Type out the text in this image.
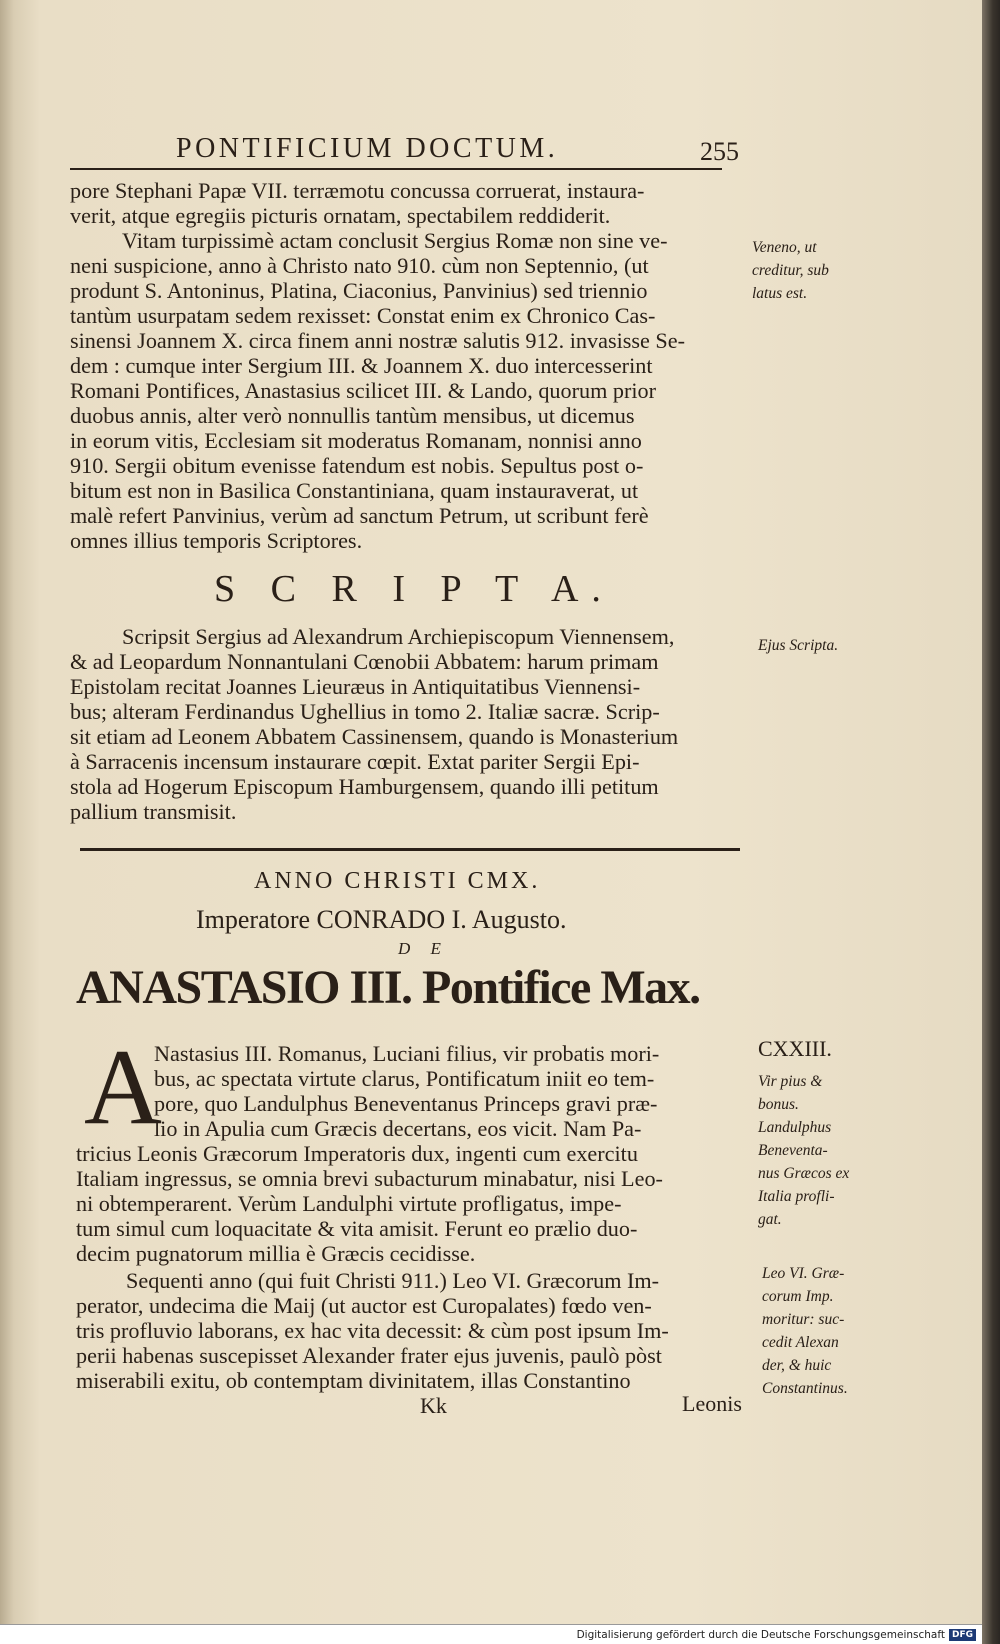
PONTIFICIUM DOCTUM.	255
pore Stephani Papæ VII. terræmotu concussa corruerat, instaura-
verit, atque egregiis picturis ornatam, spectabilem reddiderit.
Vitam turpissimè actam conclusit Sergius Romæ non sine ve-
neni suspicione, anno à Christo nato 910. cùm non Septennio, (ut
produnt S. Antoninus, Platina, Ciaconius, Panvinius) sed triennio
tantùm usurpatam sedem rexisset: Constat enim ex Chronico Cas-
sinensi Joannem X. circa finem anni nostræ salutis 912. invasisse Se-
dem : cumque inter Sergium III. & Joannem X. duo intercesserint
Romani Pontifices, Anastasius scilicet III. & Lando, quorum prior
duobus annis, alter verò nonnullis tantùm mensibus, ut dicemus
in eorum vitis, Ecclesiam sit moderatus Romanam, nonnisi anno
910. Sergii obitum evenisse fatendum est nobis. Sepultus post o-
bitum est non in Basilica Constantiniana, quam instauraverat, ut
malè refert Panvinius, verùm ad sanctum Petrum, ut scribunt ferè
omnes illius temporis Scriptores.
Veneno, ut
creditur, sub
latus est.
S C R I P T A.
Scripsit Sergius ad Alexandrum Archiepiscopum Viennensem,
& ad Leopardum Nonnantulani Cœnobii Abbatem: harum primam
Epistolam recitat Joannes Lieuræus in Antiquitatibus Viennensi-
bus; alteram Ferdinandus Ughellius in tomo 2. Italiæ sacræ. Scrip-
sit etiam ad Leonem Abbatem Cassinensem, quando is Monasterium
à Sarracenis incensum instaurare cœpit. Extat pariter Sergii Epi-
stola ad Hogerum Episcopum Hamburgensem, quando illi petitum
pallium transmisit.
Ejus Scripta.
ANNO CHRISTI CMX.
Imperatore CONRADO I. Augusto.
D E
ANASTASIO III. Pontifice Max.
A	CXXIII.
Nastasius III. Romanus, Luciani filius, vir probatis mori-
bus, ac spectata virtute clarus, Pontificatum iniit eo tem-
pore, quo Landulphus Beneventanus Princeps gravi præ-
lio in Apulia cum Græcis decertans, eos vicit. Nam Pa-
tricius Leonis Græcorum Imperatoris dux, ingenti cum exercitu
Italiam ingressus, se omnia brevi subacturum minabatur, nisi Leo-
ni obtemperarent. Verùm Landulphi virtute profligatus, impe-
tum simul cum loquacitate & vita amisit. Ferunt eo prælio duo-
decim pugnatorum millia è Græcis cecidisse.
Vir pius &
bonus.
Landulphus
Beneventa-
nus Græcos ex
Italia profli-
gat.
Sequenti anno (qui fuit Christi 911.) Leo VI. Græcorum Im-
perator, undecima die Maij (ut auctor est Curopalates) fœdo ven-
tris profluvio laborans, ex hac vita decessit: & cùm post ipsum Im-
perii habenas suscepisset Alexander frater ejus juvenis, paulò pòst
miserabili exitu, ob contemptam divinitatem, illas Constantino
Leo VI. Græ-
corum Imp.
moritur: suc-
cedit Alexan
der, & huic
Constantinus.
Kk	Leonis
Digitalisierung gefördert durch die Deutsche Forschungsgemeinschaft DFG
